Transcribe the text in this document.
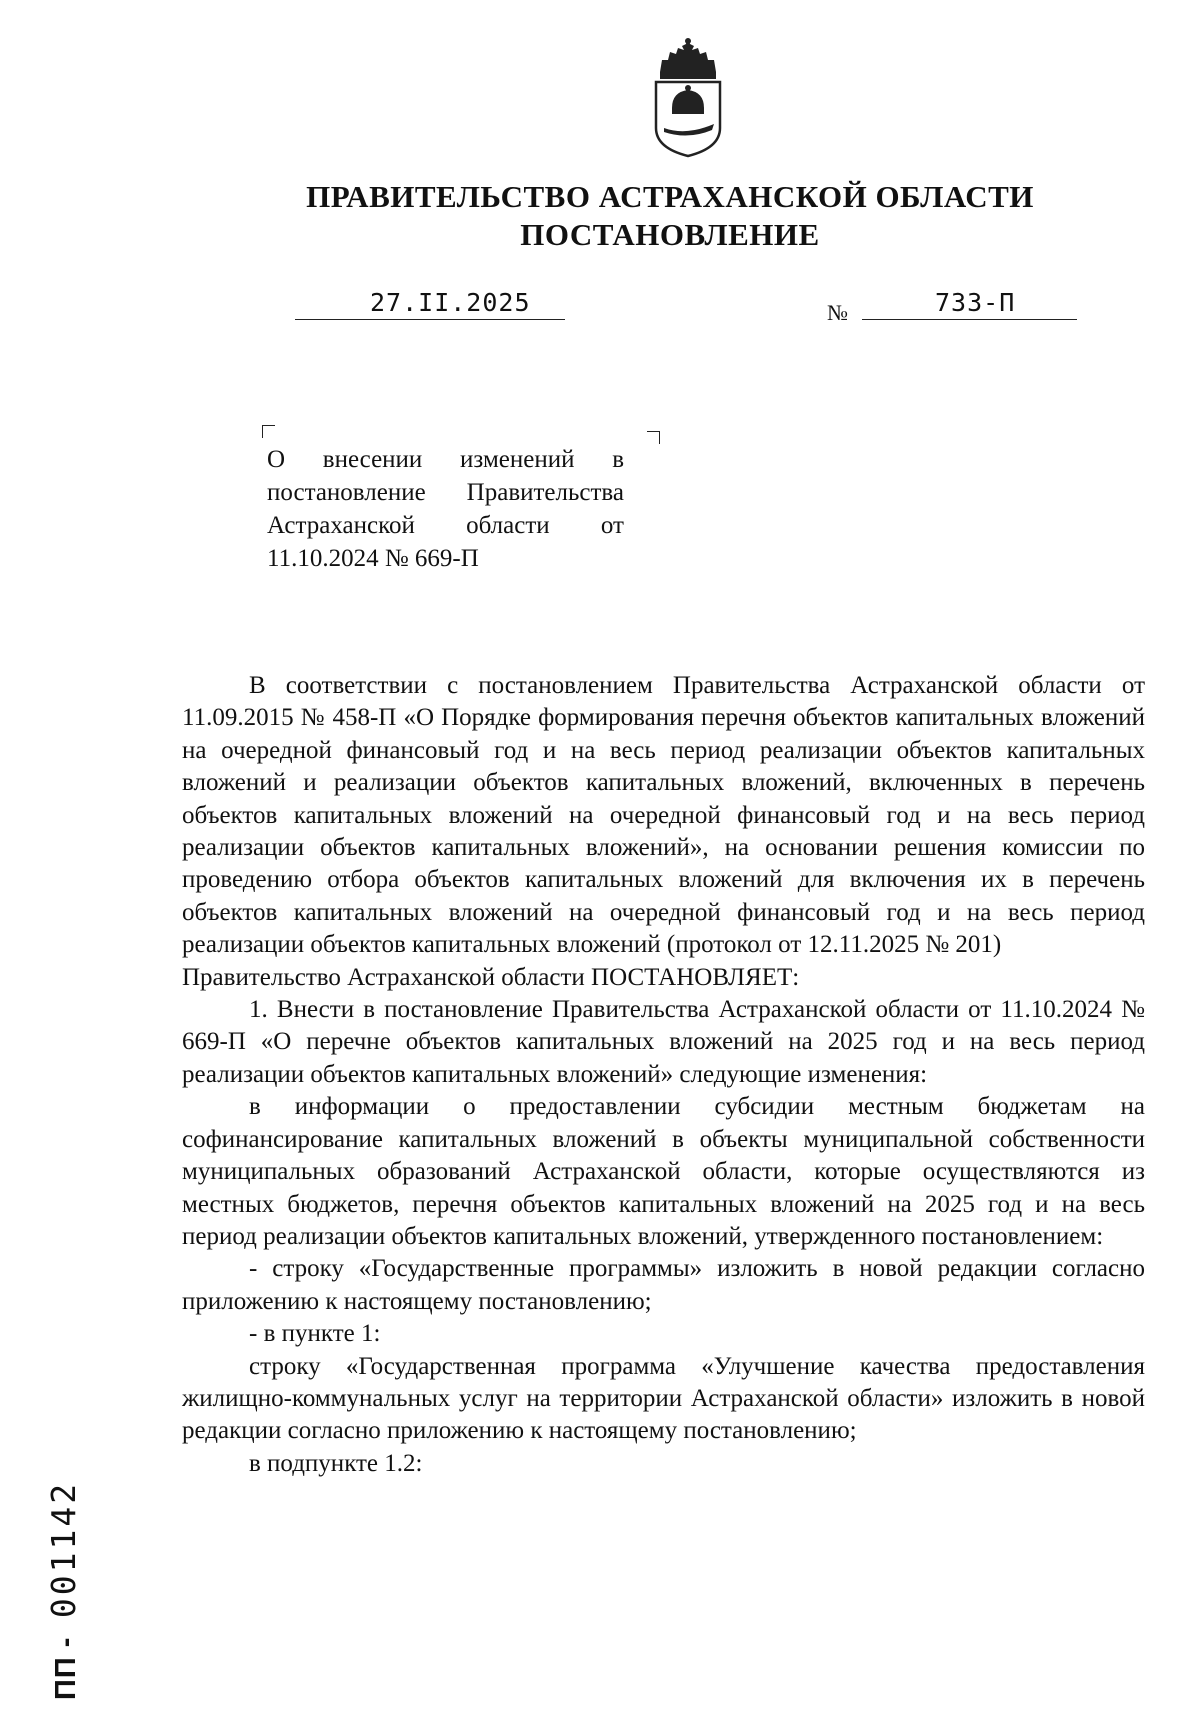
ПРАВИТЕЛЬСТВО АСТРАХАНСКОЙ ОБЛАСТИ
ПОСТАНОВЛЕНИЕ
27.II.2025	№	733-П
О внесении изменений в постановление Правительства Астраханской области от 11.10.2024 № 669-П

В соответствии с постановлением Правительства Астраханской области от 11.09.2015 № 458-П «О Порядке формирования перечня объектов капитальных вложений на очередной финансовый год и на весь период реализации объектов капитальных вложений и реализации объектов капитальных вложений, включенных в перечень объектов капитальных вложений на очередной финансовый год и на весь период реализации объектов капитальных вложений», на основании решения комиссии по проведению отбора объектов капитальных вложений для включения их в перечень объектов капитальных вложений на очередной финансовый год и на весь период реализации объектов капитальных вложений (протокол от 12.11.2025 № 201)

Правительство Астраханской области ПОСТАНОВЛЯЕТ:

1. Внести в постановление Правительства Астраханской области от 11.10.2024 № 669-П «О перечне объектов капитальных вложений на 2025 год и на весь период реализации объектов капитальных вложений» следующие изменения:

в информации о предоставлении субсидии местным бюджетам на софинансирование капитальных вложений в объекты муниципальной собственности муниципальных образований Астраханской области, которые осуществляются из местных бюджетов, перечня объектов капитальных вложений на 2025 год и на весь период реализации объектов капитальных вложений, утвержденного постановлением:

- строку «Государственные программы» изложить в новой редакции согласно приложению к настоящему постановлению;

- в пункте 1:

строку «Государственная программа «Улучшение качества предоставления жилищно-коммунальных услуг на территории Астраханской области» изложить в новой редакции согласно приложению к настоящему постановлению;

в подпункте 1.2:

ПП - 001142
